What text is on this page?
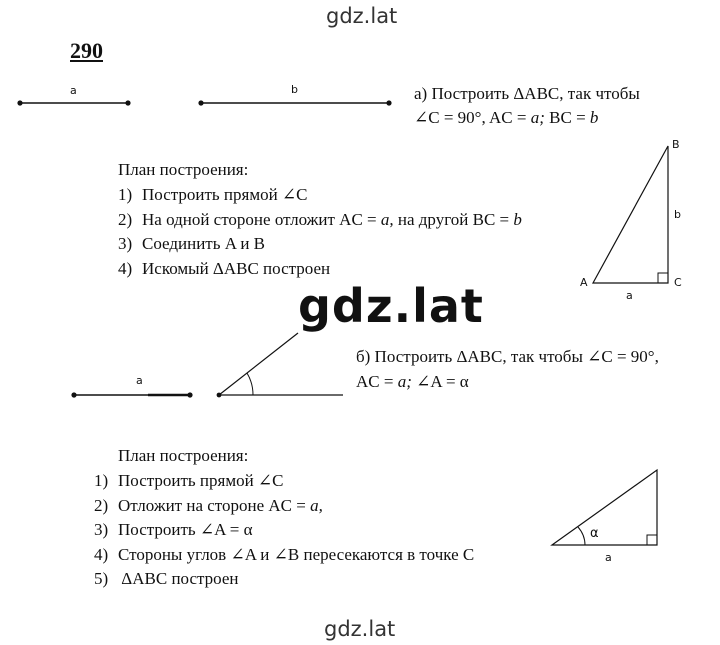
gdz.lat
gdz.lat
gdz.lat
290
a	b	а) Построить ΔABC, так чтобы
∠C = 90°, AC = a; BC = b
План построения:
1) Построить прямой ∠C
2) На одной стороне отложит AC = a, на другой BC = b
3) Соединить A и B
4) Искомый ΔABC построен
A
B
C
a
b
a
б) Построить ΔABC, так чтобы ∠C = 90°,
AC = a; ∠A = α
План построения:
1) Построить прямой ∠C
2) Отложит на стороне AC = a,
3) Построить ∠A = α
4) Стороны углов ∠A и ∠B пересекаются в точке C
5) ΔABC построен
α
a
